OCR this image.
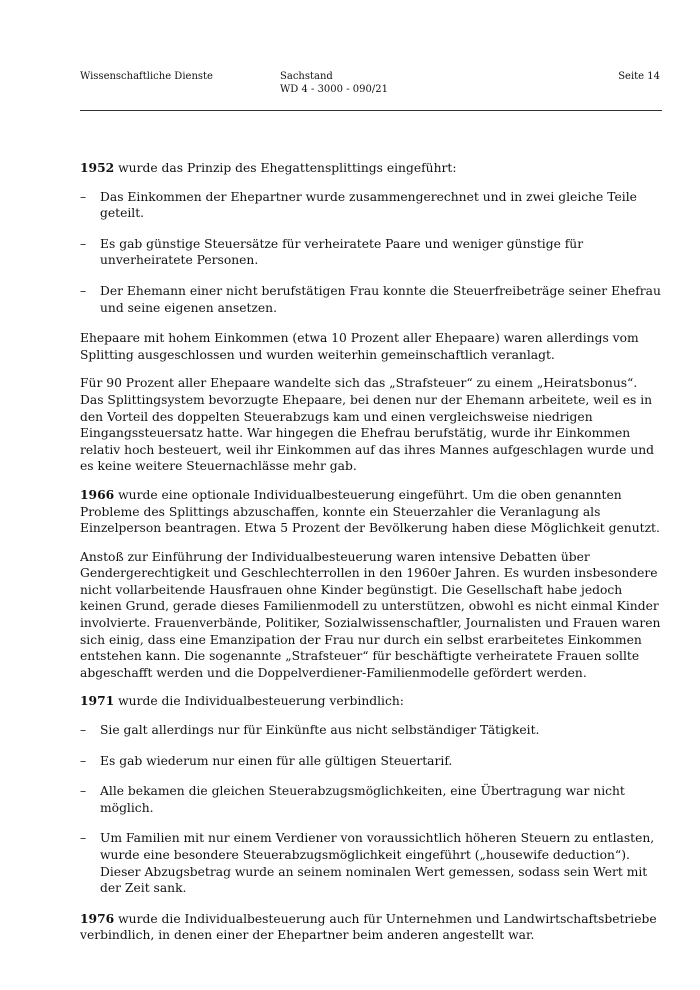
Wissenschaftliche Dienste	Sachstand
WD 4 - 3000 - 090/21
Seite 14

1952 wurde das Prinzip des Ehegattensplittings eingeführt:

– Das Einkommen der Ehepartner wurde zusammengerechnet und in zwei gleiche Teile geteilt.
– Es gab günstige Steuersätze für verheiratete Paare und weniger günstige für unverheiratete Personen.
– Der Ehemann einer nicht berufstätigen Frau konnte die Steuerfreibeträge seiner Ehefrau und seine eigenen ansetzen.

Ehepaare mit hohem Einkommen (etwa 10 Prozent aller Ehepaare) waren allerdings vom Splitting ausgeschlossen und wurden weiterhin gemeinschaftlich veranlagt.

Für 90 Prozent aller Ehepaare wandelte sich das „Strafsteuer“ zu einem „Heiratsbonus“. Das Splittingsystem bevorzugte Ehepaare, bei denen nur der Ehemann arbeitete, weil es in den Vorteil des doppelten Steuerabzugs kam und einen vergleichsweise niedrigen Eingangssteuersatz hatte. War hingegen die Ehefrau berufstätig, wurde ihr Einkommen relativ hoch besteuert, weil ihr Einkommen auf das ihres Mannes aufgeschlagen wurde und es keine weitere Steuernachlässe mehr gab.

1966 wurde eine optionale Individualbesteuerung eingeführt. Um die oben genannten Probleme des Splittings abzuschaffen, konnte ein Steuerzahler die Veranlagung als Einzelperson beantragen. Etwa 5 Prozent der Bevölkerung haben diese Möglichkeit genutzt.

Anstoß zur Einführung der Individualbesteuerung waren intensive Debatten über Gendergerechtigkeit und Geschlechterrollen in den 1960er Jahren. Es wurden insbesondere nicht vollarbeitende Hausfrauen ohne Kinder begünstigt. Die Gesellschaft habe jedoch keinen Grund, gerade dieses Familienmodell zu unterstützen, obwohl es nicht einmal Kinder involvierte. Frauenverbände, Politiker, Sozialwissenschaftler, Journalisten und Frauen waren sich einig, dass eine Emanzipation der Frau nur durch ein selbst erarbeitetes Einkommen entstehen kann. Die sogenannte „Strafsteuer“ für beschäftigte verheiratete Frauen sollte abgeschafft werden und die Doppelverdiener-Familienmodelle gefördert werden.

1971 wurde die Individualbesteuerung verbindlich:

– Sie galt allerdings nur für Einkünfte aus nicht selbständiger Tätigkeit.
– Es gab wiederum nur einen für alle gültigen Steuertarif.
– Alle bekamen die gleichen Steuerabzugsmöglichkeiten, eine Übertragung war nicht möglich.
– Um Familien mit nur einem Verdiener von voraussichtlich höheren Steuern zu entlasten, wurde eine besondere Steuerabzugsmöglichkeit eingeführt („housewife deduction“). Dieser Abzugsbetrag wurde an seinem nominalen Wert gemessen, sodass sein Wert mit der Zeit sank.

1976 wurde die Individualbesteuerung auch für Unternehmen und Landwirtschaftsbetriebe verbindlich, in denen einer der Ehepartner beim anderen angestellt war.
